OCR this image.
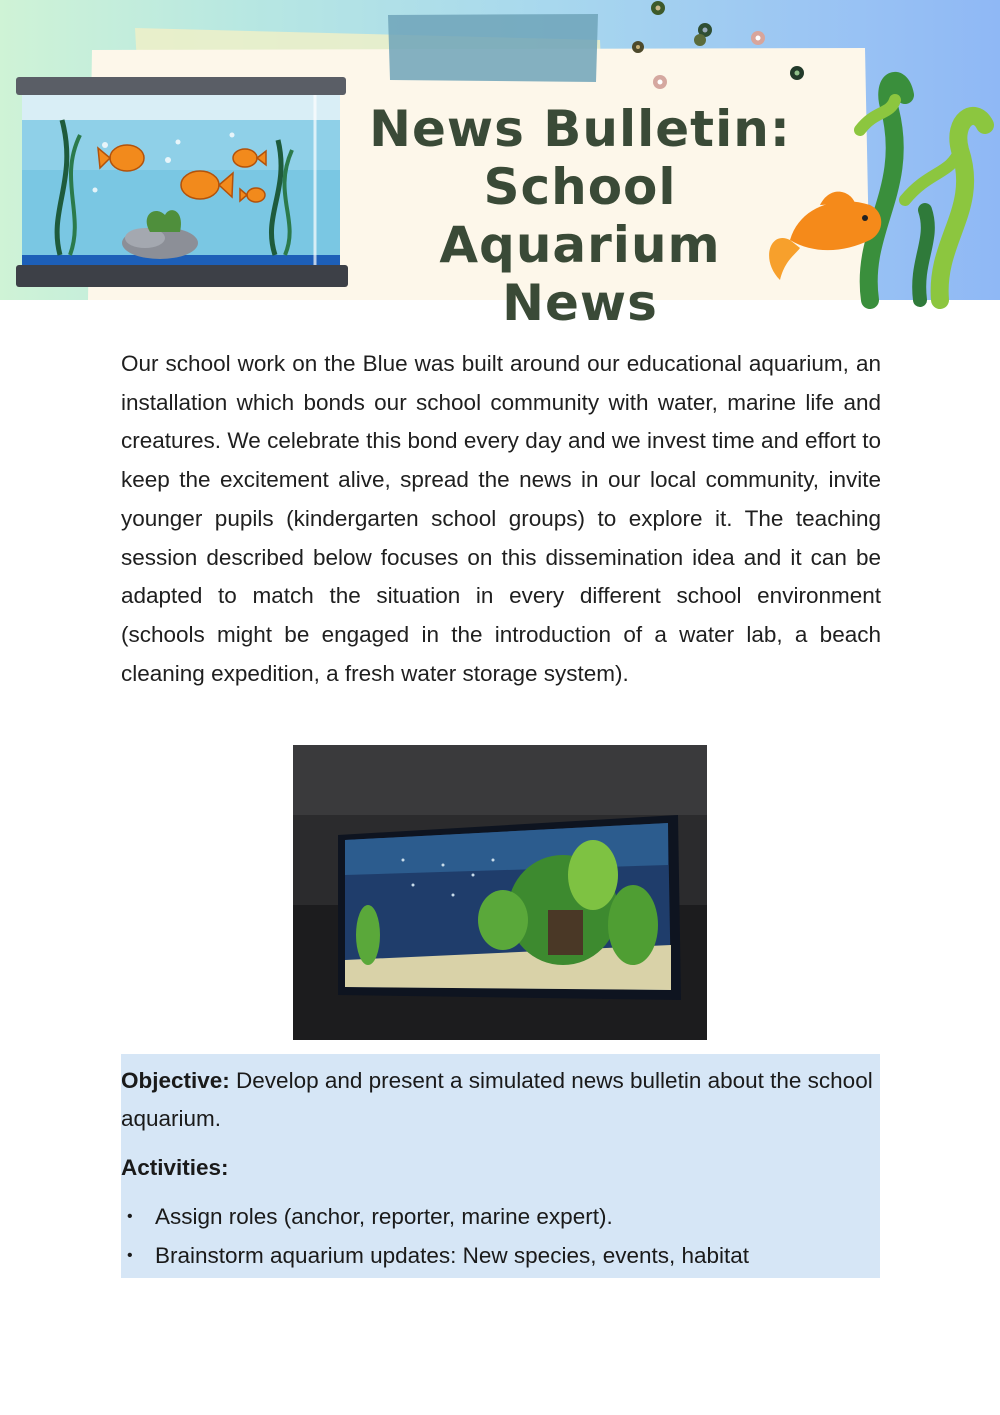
News Bulletin:
School Aquarium
News

Our school work on the Blue was built around our educational aquarium, an installation which bonds our school community with water, marine life and creatures. We celebrate this bond every day and we invest time and effort to keep the excitement alive, spread the news in our local community, invite younger pupils (kindergarten school groups) to explore it. The teaching session described below focuses on this dissemination idea and it can be adapted to match the situation in every different school environment (schools might be engaged in the introduction of a water lab, a beach cleaning expedition, a fresh water storage system).

Objective: Develop and present a simulated news bulletin about the school aquarium.

Activities:
• Assign roles (anchor, reporter, marine expert).
• Brainstorm aquarium updates: New species, events, habitat
